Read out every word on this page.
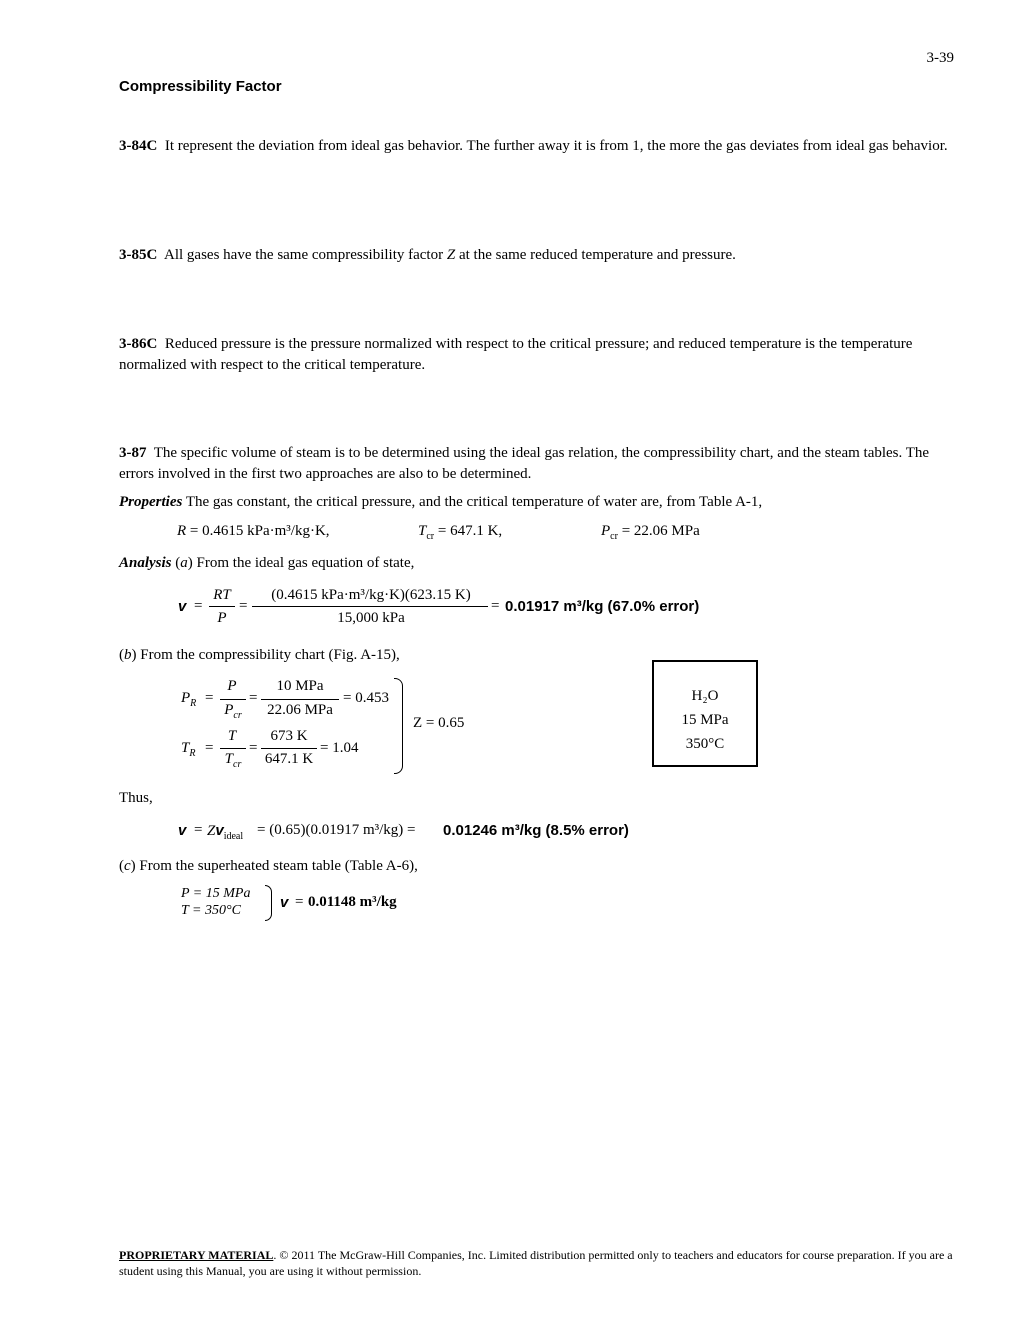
3-39
Compressibility Factor
3-84C It represent the deviation from ideal gas behavior. The further away it is from 1, the more the gas deviates from ideal gas behavior.
3-85C All gases have the same compressibility factor Z at the same reduced temperature and pressure.
3-86C Reduced pressure is the pressure normalized with respect to the critical pressure; and reduced temperature is the temperature normalized with respect to the critical temperature.
3-87 The specific volume of steam is to be determined using the ideal gas relation, the compressibility chart, and the steam tables. The errors involved in the first two approaches are also to be determined.
Properties The gas constant, the critical pressure, and the critical temperature of water are, from Table A-1,
R = 0.4615 kPa·m³/kg·K,	$T_{cr} = 647.1$ K,	$P_{cr} = 22.06$ MPa
Analysis (a) From the ideal gas equation of state,
v =
RT
P
=
(0.4615 kPa·m³/kg·K)(623.15 K)
15,000 kPa
= 0.01917 m³/kg (67.0% error)
(b) From the compressibility chart (Fig. A-15),
$P_R$ =
P
$P_{cr}$
=
10 MPa
22.06 MPa
= 0.453
$T_R$ =
T
$T_{cr}$
=
673 K
647.1 K
= 1.04
Z = 0.65
H₂O
15 MPa
350°C
Thus,
$v = Zv_{ideal} = (0.65)(0.01917$ m³/kg) = 0.01246 m³/kg (8.5% error)
(c) From the superheated steam table (Table A-6),
P = 15 MPa
T = 350°C	v = 0.01148 m³/kg
PROPRIETARY MATERIAL. © 2011 The McGraw-Hill Companies, Inc. Limited distribution permitted only to teachers and educators for course preparation. If you are a student using this Manual, you are using it without permission.
